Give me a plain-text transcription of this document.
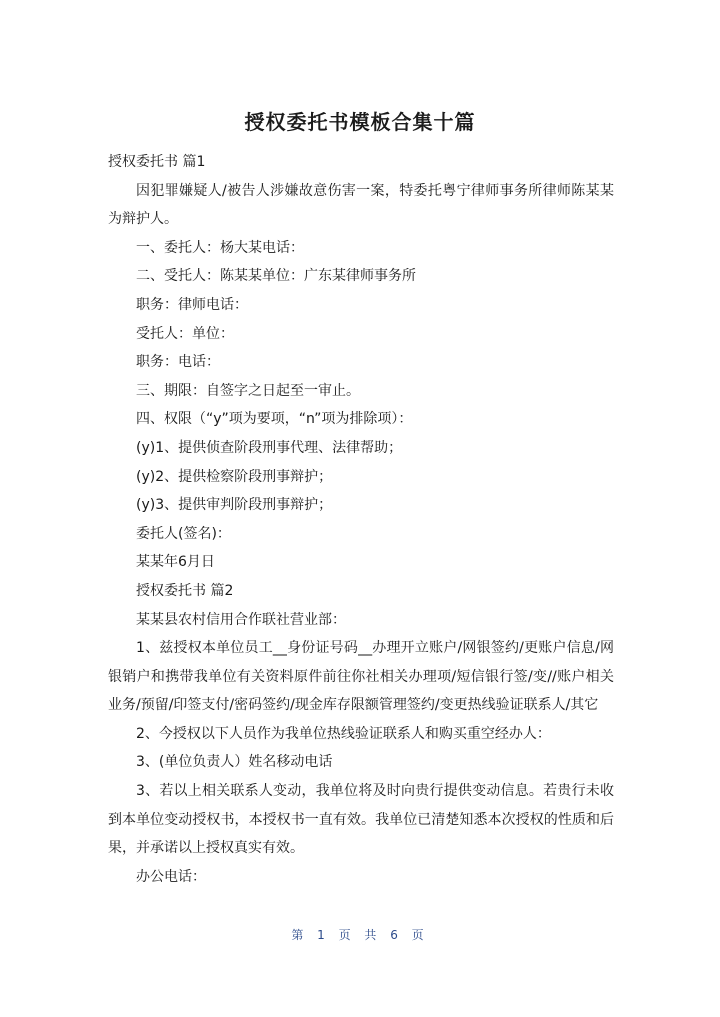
授权委托书模板合集十篇
授权委托书 篇1
因犯罪嫌疑人/被告人涉嫌故意伤害一案，特委托粤宁律师事务所律师陈某某为辩护人。
一、委托人：杨大某电话：
二、受托人：陈某某单位：广东某律师事务所
职务：律师电话：
受托人：单位：
职务：电话：
三、期限：自签字之日起至一审止。
四、权限（“y”项为要项，“n”项为排除项）：
(y)1、提供侦查阶段刑事代理、法律帮助；
(y)2、提供检察阶段刑事辩护；
(y)3、提供审判阶段刑事辩护；
委托人(签名)：
某某年6月日
授权委托书 篇2
某某县农村信用合作联社营业部：
1、兹授权本单位员工__身份证号码__办理开立账户/网银签约/更账户信息/网银销户和携带我单位有关资料原件前往你社相关办理项/短信银行签/变//账户相关业务/预留/印签支付/密码签约/现金库存限额管理签约/变更热线验证联系人/其它
2、今授权以下人员作为我单位热线验证联系人和购买重空经办人：
3、(单位负责人）姓名移动电话
3、若以上相关联系人变动，我单位将及时向贵行提供变动信息。若贵行未收到本单位变动授权书，本授权书一直有效。我单位已清楚知悉本次授权的性质和后果，并承诺以上授权真实有效。
办公电话：
第 1 页 共 6 页
